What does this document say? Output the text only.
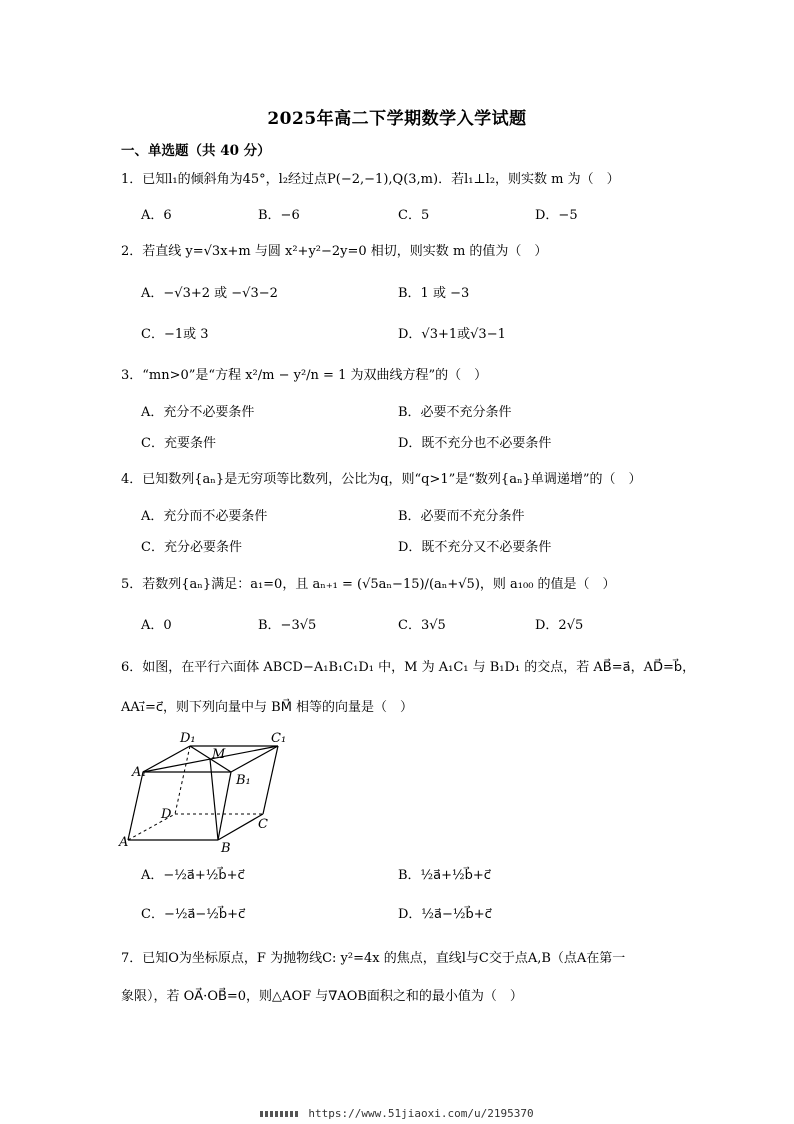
2025年高二下学期数学入学试题
一、单选题（共 40 分）
1．已知l₁的倾斜角为45°，l₂经过点P(−2,−1),Q(3,m)．若l₁⊥l₂，则实数 m 为（　）
A．6	B．−6	C．5	D．−5
2．若直线 y=√3x+m 与圆 x²+y²−2y=0 相切，则实数 m 的值为（　）
A．−√3+2 或 −√3−2	B．1 或 −3
C．−1或 3	D．√3+1或√3−1
3．“mn>0”是“方程 x²/m − y²/n = 1 为双曲线方程”的（　）
A．充分不必要条件	B．必要不充分条件
C．充要条件	D．既不充分也不必要条件
4．已知数列{aₙ}是无穷项等比数列，公比为q，则“q>1”是“数列{aₙ}单调递增”的（　）
A．充分而不必要条件	B．必要而不充分条件
C．充分必要条件	D．既不充分又不必要条件
5．若数列{aₙ}满足：a₁=0，且 aₙ₊₁ = (√5aₙ−15)/(aₙ+√5)，则 a₁₀₀ 的值是（　）
A．0	B．−3√5	C．3√5	D．2√5
6．如图，在平行六面体 ABCD−A₁B₁C₁D₁ 中，M 为 A₁C₁ 与 B₁D₁ 的交点，若 AB⃗=a⃗，AD⃗=b⃗，
AA₁⃗=c⃗，则下列向量中与 BM⃗ 相等的向量是（　）
D₁
M
C₁
A₁
B₁
D
C
A	B
A．−½a⃗+½b⃗+c⃗	B．½a⃗+½b⃗+c⃗
C．−½a⃗−½b⃗+c⃗	D．½a⃗−½b⃗+c⃗
7．已知O为坐标原点，F 为抛物线C: y²=4x 的焦点，直线l与C交于点A,B（点A在第一
象限），若 OA⃗·OB⃗=0，则△AOF 与∇AOB面积之和的最小值为（　）
https://www.51jiaoxi.com/u/2195370
